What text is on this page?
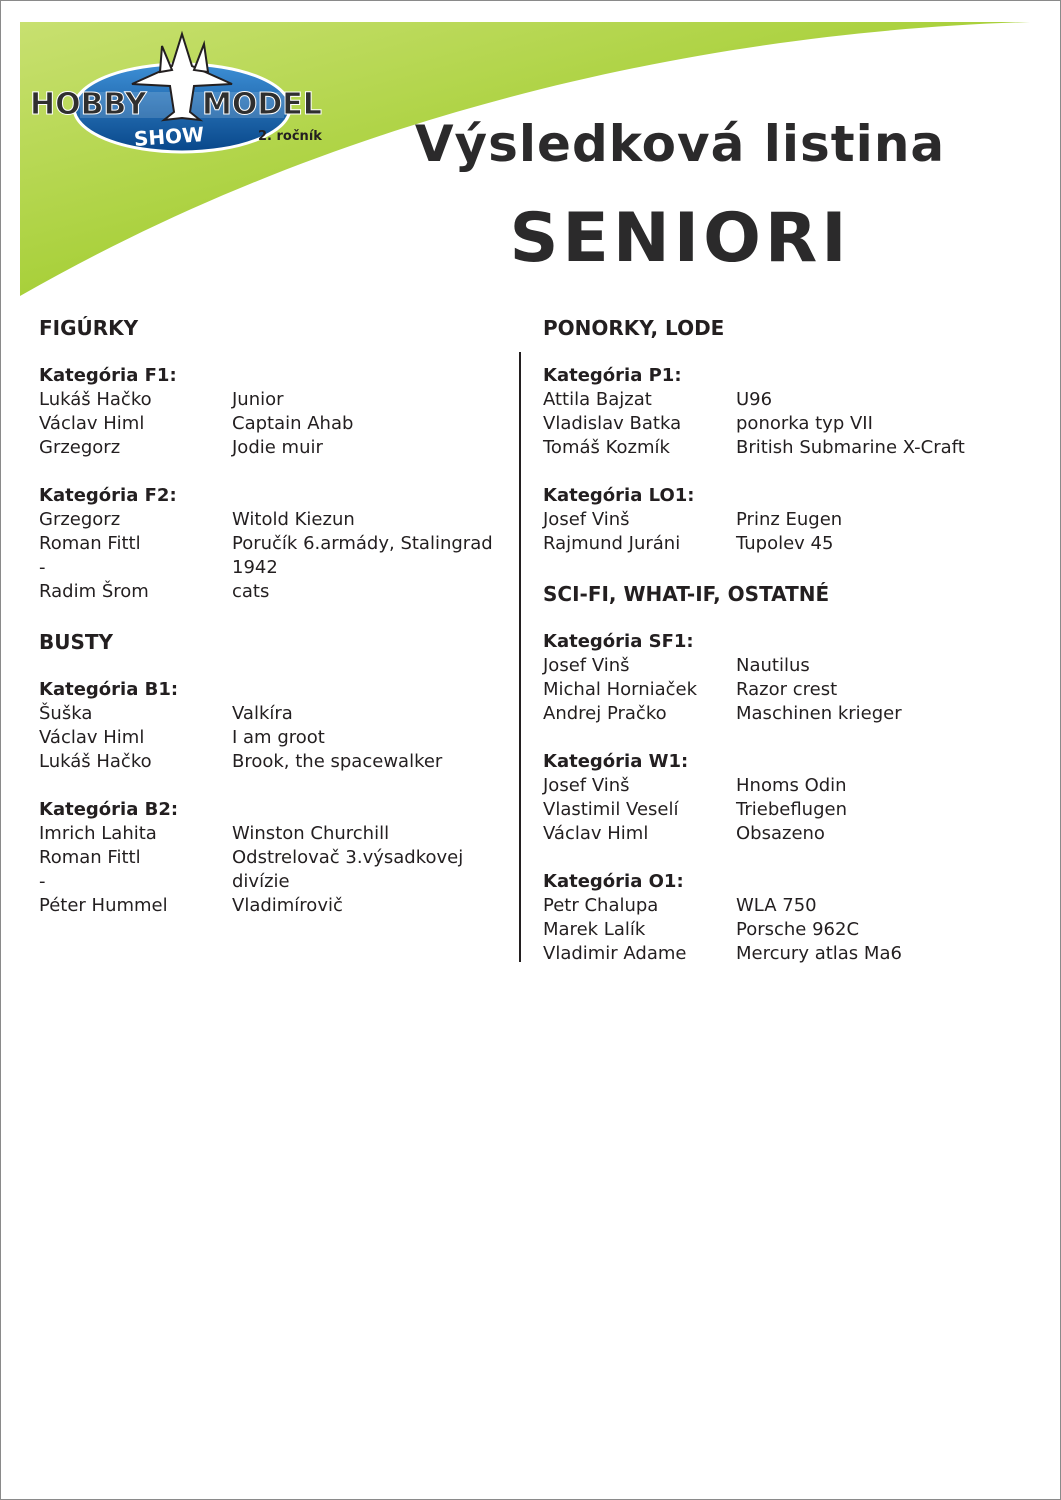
HOBBY MODEL
SHOW	2. ročník	Výsledková listina
SENIORI
FIGÚRKY

Kategória F1:

Lukáš Hačko	Junior
Václav Himl	Captain Ahab
Grzegorz	Jodie muir

Kategória F2:

Grzegorz	Witold Kiezun
Roman Fittl	Poručík 6.armády, Stalingrad
-	1942
Radim Šrom	cats
BUSTY

Kategória B1:

Šuška	Valkíra
Václav Himl	I am groot
Lukáš Hačko	Brook, the spacewalker

Kategória B2:

Imrich Lahita	Winston Churchill
Roman Fittl	Odstrelovač 3.výsadkovej
-	divízie
Péter Hummel	Vladimírovič
PONORKY, LODE

Kategória P1:

Attila Bajzat	U96
Vladislav Batka	ponorka typ VII
Tomáš Kozmík	British Submarine X-Craft

Kategória LO1:

Josef Vinš	Prinz Eugen
Rajmund Juráni	Tupolev 45
SCI-FI, WHAT-IF, OSTATNÉ

Kategória SF1:

Josef Vinš	Nautilus
Michal Horniaček	Razor crest
Andrej Pračko	Maschinen krieger

Kategória W1:

Josef Vinš	Hnoms Odin
Vlastimil Veselí	Triebeflugen
Václav Himl	Obsazeno

Kategória O1:

Petr Chalupa	WLA 750
Marek Lalík	Porsche 962C
Vladimir Adame	Mercury atlas Ma6
